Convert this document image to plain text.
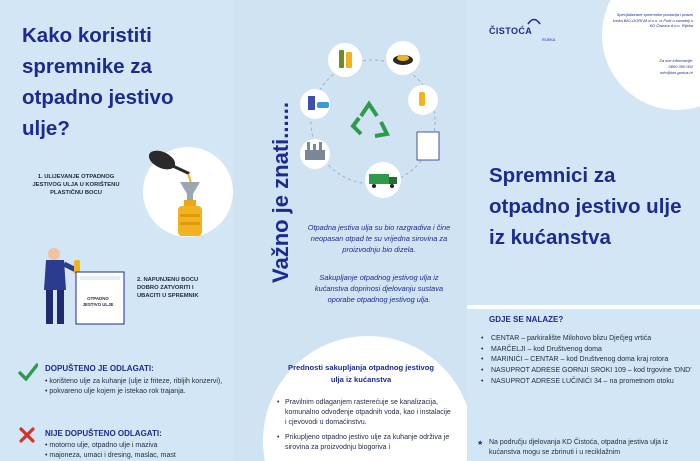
Kako koristiti spremnike za otpadno jestivo ulje?
1. ULIJEVANJE OTPADNOG JESTIVOG ULJA U KORIŠTENU PLASTIČNU BOCU
OTPADNO JESTIVO ULJE
2. NAPUNJENU BOCU DOBRO ZATVORITI I UBACITI U SPREMNIK
DOPUŠTENO JE ODLAGATI:
• korišteno ulje za kuhanje (ulje iz friteze, ribljih konzervi),
• pokvareno ulje kojem je istekao rok trajanja.
NIJE DOPUŠTENO ODLAGATI:
• motorno ulje, otpadno ulje i maziva
• majoneza, umaci i dresing, maslac, mast
Važno je znati......	Otpadna jestiva ulja su bio razgradiva i čine neopasan otpad te su vrijedna sirovina za proizvodnju bio dizela.
Sakupljanje otpadnog jestivog ulja iz kućanstva doprinosi djelovanju sustava oporabe otpadnog jestivog ulja.
Prednosti sakupljanja otpadnog jestivog ulja iz kućanstva
• Pravilnim odlaganjem rasterećuje se kanalizacija, komunalno odvođenje otpadnih voda, kao i instalacije i cjevovodi u domaćinstvu.
• Prikupljeno otpadno jestivo ulje za kuhanje održiva je sirovina za proizvodnju biogoriva i
ČISTOĆA
RIJEKA
Specijalizirane spremnike postavlja i prazni tvrtka BIO-GORIVA d.o.o. iz Pule u suradnji s KD Čistoća d.o.o. Rijeka
Za sve informacije:
0800 300 002
info@bio-goriva.hr
Spremnici za otpadno jestivo ulje iz kućanstva
GDJE SE NALAZE?
• CENTAR – parkiralište Milohovo blizu Dječjeg vrtića
• MARČELJI – kod Društvenog doma
• MARINIĆI – CENTAR – kod Društvenog doma kraj rotora
• NASUPROT ADRESE GORNJI SROKI 109 – kod trgovine 'DND'
• NASUPROT ADRESE LUČINIĆI 34 – na prometnom otoku
★ Na području djelovanja KD Čistoća, otpadna jestiva ulja iz kućanstva mogu se zbrinuti i u reciklažnim
